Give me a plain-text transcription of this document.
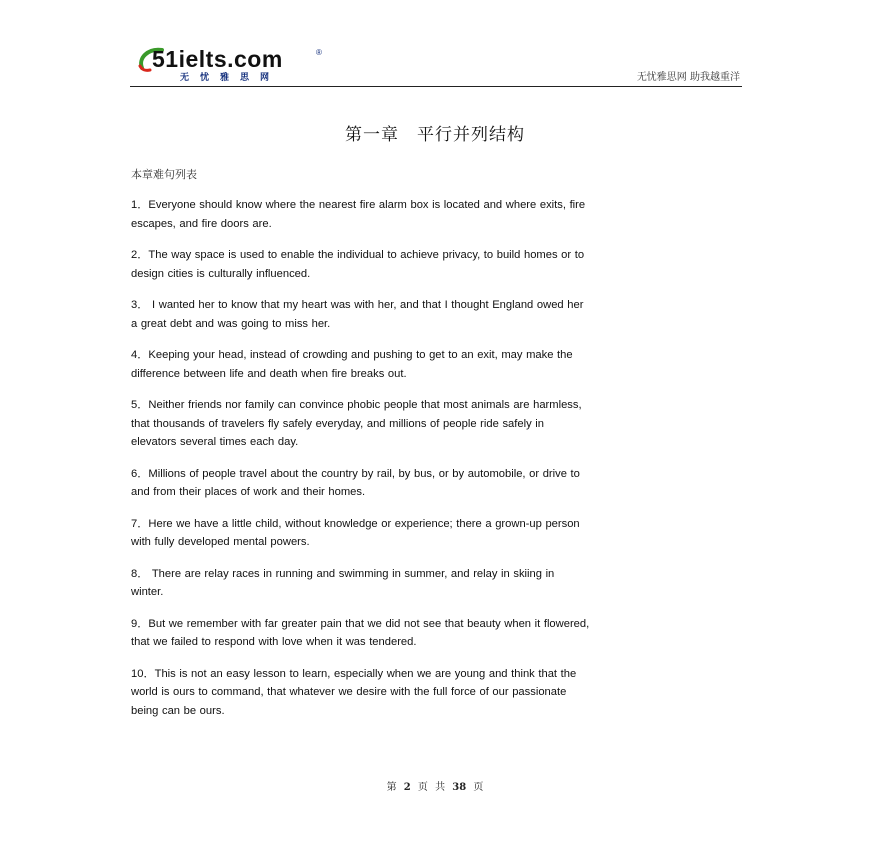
51ielts.com	®
无忧雅思网	无忧雅思网 助我越重洋
第一章　平行并列结构
本章难句列表

1．Everyone should know where the nearest fire alarm box is located and where exits, fire
escapes, and fire doors are.

2．The way space is used to enable the individual to achieve privacy, to build homes or to
design cities is culturally influenced.

3． I wanted her to know that my heart was with her, and that I thought England owed her
a great debt and was going to miss her.

4．Keeping your head, instead of crowding and pushing to get to an exit, may make the
difference between life and death when fire breaks out.

5．Neither friends nor family can convince phobic people that most animals are harmless,
that thousands of travelers fly safely everyday, and millions of people ride safely in
elevators several times each day.

6．Millions of people travel about the country by rail, by bus, or by automobile, or drive to
and from their places of work and their homes.

7．Here we have a little child, without knowledge or experience; there a grown-up person
with fully developed mental powers.

8． There are relay races in running and swimming in summer, and relay in skiing in
winter.

9．But we remember with far greater pain that we did not see that beauty when it flowered,
that we failed to respond with love when it was tendered.

10．This is not an easy lesson to learn, especially when we are young and think that the
world is ours to command, that whatever we desire with the full force of our passionate
being can be ours.

第 2 页 共 38 页
